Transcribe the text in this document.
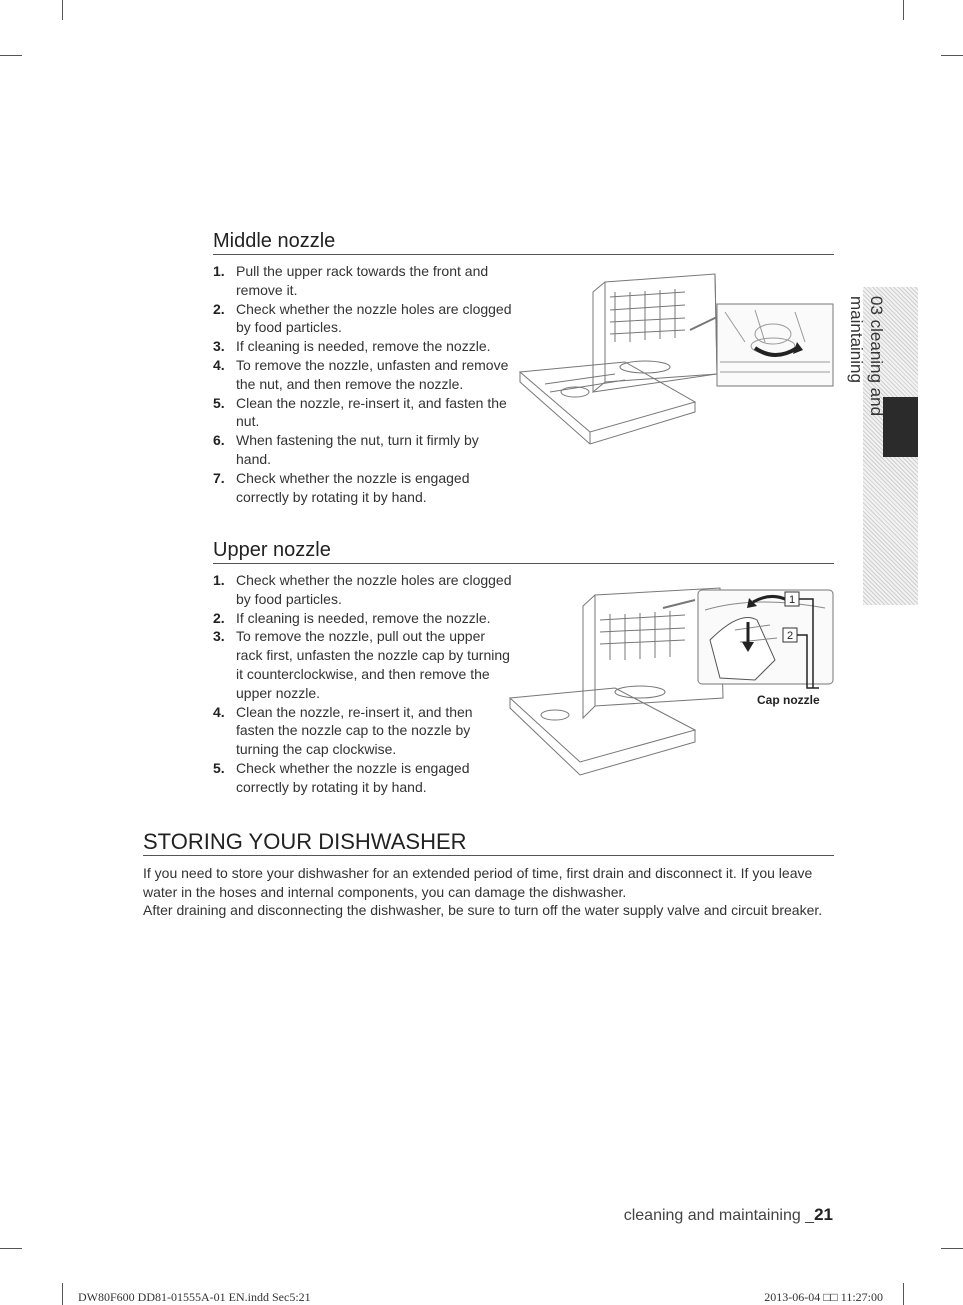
Middle nozzle
1. Pull the upper rack towards the front and remove it.
2. Check whether the nozzle holes are clogged by food particles.
3. If cleaning is needed, remove the nozzle.
4. To remove the nozzle, unfasten and remove the nut, and then remove the nozzle.
5. Clean the nozzle, re-insert it, and fasten the nut.
6. When fastening the nut, turn it firmly by hand.
7. Check whether the nozzle is engaged correctly by rotating it by hand.
Upper nozzle
1. Check whether the nozzle holes are clogged by food particles.
2. If cleaning is needed, remove the nozzle.
3. To remove the nozzle, pull out the upper rack first, unfasten the nozzle cap by turning it counterclockwise, and then remove the upper nozzle.
4. Clean the nozzle, re-insert it, and then fasten the nozzle cap to the nozzle by turning the cap clockwise.
5. Check whether the nozzle is engaged correctly by rotating it by hand.
1
2
Cap nozzle
STORING YOUR DISHWASHER

If you need to store your dishwasher for an extended period of time, first drain and disconnect it. If you leave water in the hoses and internal components, you can damage the dishwasher.

After draining and disconnecting the dishwasher, be sure to turn off the water supply valve and circuit breaker.

03 cleaning and maintaining
cleaning and maintaining _21
DW80F600 DD81-01555A-01 EN.indd Sec5:21	2013-06-04 □□ 11:27:00
